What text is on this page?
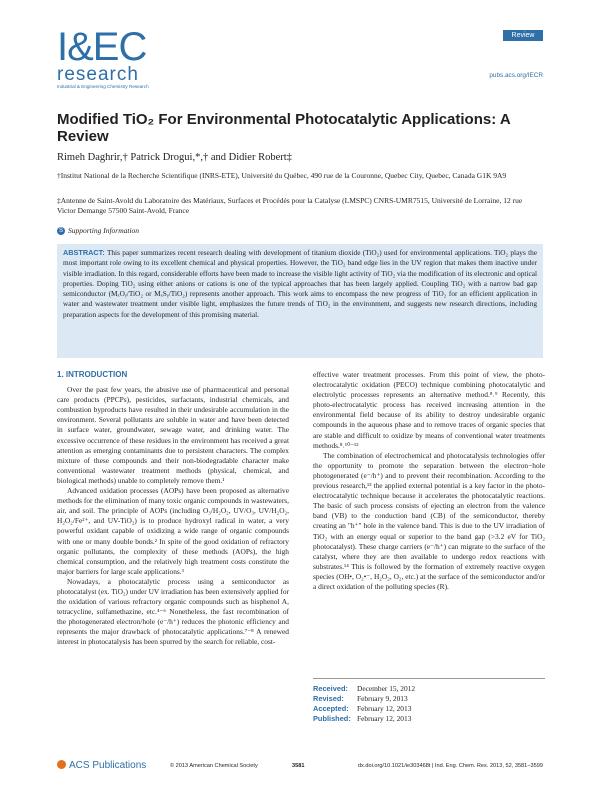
I&EC
research
Industrial & Engineering Chemistry Research
Review
pubs.acs.org/IECR
Modified TiO₂ For Environmental Photocatalytic Applications: A Review
Rimeh Daghrir,† Patrick Drogui,*,† and Didier Robert‡
†Institut National de la Recherche Scientifique (INRS-ETE), Université du Québec, 490 rue de la Couronne, Quebec City, Quebec, Canada G1K 9A9
‡Antenne de Saint-Avold du Laboratoire des Matériaux, Surfaces et Procédés pour la Catalyse (LMSPC) CNRS-UMR7515, Université de Lorraine, 12 rue Victor Demange 57500 Saint-Avold, France
S Supporting Information
ABSTRACT: This paper summarizes recent research dealing with development of titanium dioxide (TiO₂) used for environmental applications. TiO₂ plays the most important role owing to its excellent chemical and physical properties. However, the TiO₂ band edge lies in the UV region that makes them inactive under visible irradiation. In this regard, considerable efforts have been made to increase the visible light activity of TiO₂ via the modification of its electronic and optical properties. Doping TiO₂ using either anions or cations is one of the typical approaches that has been largely applied. Coupling TiO₂ with a narrow bad gap semiconductor (MₓOᵧ/TiO₂ or MₓSᵧ/TiO₂) represents another approach. This work aims to encompass the new progress of TiO₂ for an efficient application in water and wastewater treatment under visible light, emphasizes the future trends of TiO₂ in the environment, and suggests new research directions, including preparation aspects for the development of this promising material.
1. INTRODUCTION

Over the past few years, the abusive use of pharmaceutical and personal care products (PPCPs), pesticides, surfactants, industrial chemicals, and combustion byproducts have resulted in their undesirable accumulation in the environment. Several pollutants are soluble in water and have been detected in surface water, groundwater, sewage water, and drinking water. The excessive occurrence of these residues in the environment has received a great attention as emerging contaminants due to persistent characters. The complex mixture of these compounds and their non-biodegradable character make conventional wastewater treatment methods (physical, chemical, and biological methods) unable to completely remove them.¹

Advanced oxidation processes (AOPs) have been proposed as alternative methods for the elimination of many toxic organic compounds in wastewaters, air, and soil. The principle of AOPs (including O₃/H₂O₂, UV/O₃, UV/H₂O₂, H₂O₂/Fe²⁺, and UV-TiO₂) is to produce hydroxyl radical in water, a very powerful oxidant capable of oxidizing a wide range of organic compounds with one or many double bonds.² In spite of the good oxidation of refractory organic pollutants, the complexity of these methods (AOPs), the high chemical consumption, and the relatively high treatment costs constitute the major barriers for large scale applications.³

Nowadays, a photocatalytic process using a semiconductor as photocatalyst (ex. TiO₂) under UV irradiation has been extensively applied for the oxidation of various refractory organic compounds such as bisphenol A, tetracycline, sulfamethazine, etc.⁴⁻⁶ Nonetheless, the fast recombination of the photogenerated electron/hole (e⁻/h⁺) reduces the photonic efficiency and represents the major drawback of photocatalytic applications.⁷⁻⁸ A renewed interest in photocatalysis has been spurred by the search for reliable, cost-

effective water treatment processes. From this point of view, the photo-electrocatalytic oxidation (PECO) technique combining photocatalytic and electrolytic processes represents an alternative method.⁸˒⁹ Recently, this photo-electrocatalytic process has received increasing attention in the environmental field because of its ability to destroy undesirable organic compounds in the aqueous phase and to remove traces of organic species that are stable and difficult to oxidize by means of conventional water treatments methods.⁸˒¹⁰⁻¹²

The combination of electrochemical and photocatalysis technologies offer the opportunity to promote the separation between the electron−hole photogenerated (e⁻/h⁺) and to prevent their recombination. According to the previous research,¹³ the applied external potential is a key factor in the photo-electrocatalytic technique because it accelerates the photocatalytic reactions. The basic of such process consists of ejecting an electron from the valence band (VB) to the conduction band (CB) of the semiconductor, thereby creating an "h⁺" hole in the valence band. This is due to the UV irradiation of TiO₂ with an energy equal or superior to the band gap (>3.2 eV for TiO₂ photocatalyst). These charge carriers (e⁻/h⁺) can migrate to the surface of the catalyst, where they are then available to undergo redox reactions with substrates.¹⁴ This is followed by the formation of extremely reactive oxygen species (OH•, O₂•⁻, H₂O₂, O₂, etc.) at the surface of the semiconductor and/or a direct oxidation of the polluting species (R).

Received: December 15, 2012
Revised: February 9, 2013
Accepted: February 12, 2013
Published: February 12, 2013
ACS Publications	© 2013 American Chemical Society	3581	dx.doi.org/10.1021/ie303468t | Ind. Eng. Chem. Res. 2013, 52, 3581−3599
